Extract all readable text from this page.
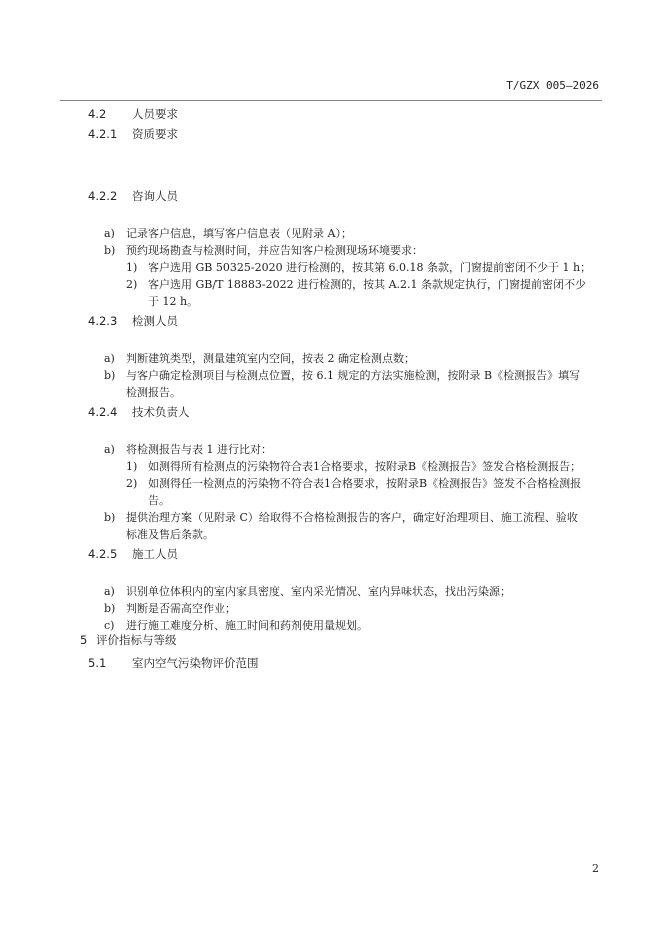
T/GZX 005—2026
4.2 人员要求
4.2.1 资质要求
4.2.2 咨询人员
a) 记录客户信息，填写客户信息表（见附录 A）；
b) 预约现场勘查与检测时间，并应告知客户检测现场环境要求：
1) 客户选用 GB 50325-2020 进行检测的，按其第 6.0.18 条款，门窗提前密闭不少于 1 h；
2) 客户选用 GB/T 18883-2022 进行检测的，按其 A.2.1 条款规定执行，门窗提前密闭不少
于 12 h。
4.2.3 检测人员
a) 判断建筑类型，测量建筑室内空间，按表 2 确定检测点数；
b) 与客户确定检测项目与检测点位置，按 6.1 规定的方法实施检测，按附录 B《检测报告》填写
检测报告。
4.2.4 技术负责人
a) 将检测报告与表 1 进行比对：
1) 如测得所有检测点的污染物符合表1合格要求，按附录B《检测报告》签发合格检测报告；
2) 如测得任一检测点的污染物不符合表1合格要求，按附录B《检测报告》签发不合格检测报
告。
b) 提供治理方案（见附录 C）给取得不合格检测报告的客户，确定好治理项目、施工流程、验收
标准及售后条款。
4.2.5 施工人员
a) 识别单位体积内的室内家具密度、室内采光情况、室内异味状态，找出污染源；
b) 判断是否需高空作业；
c) 进行施工难度分析、施工时间和药剂使用量规划。
5 评价指标与等级
5.1 室内空气污染物评价范围
2
